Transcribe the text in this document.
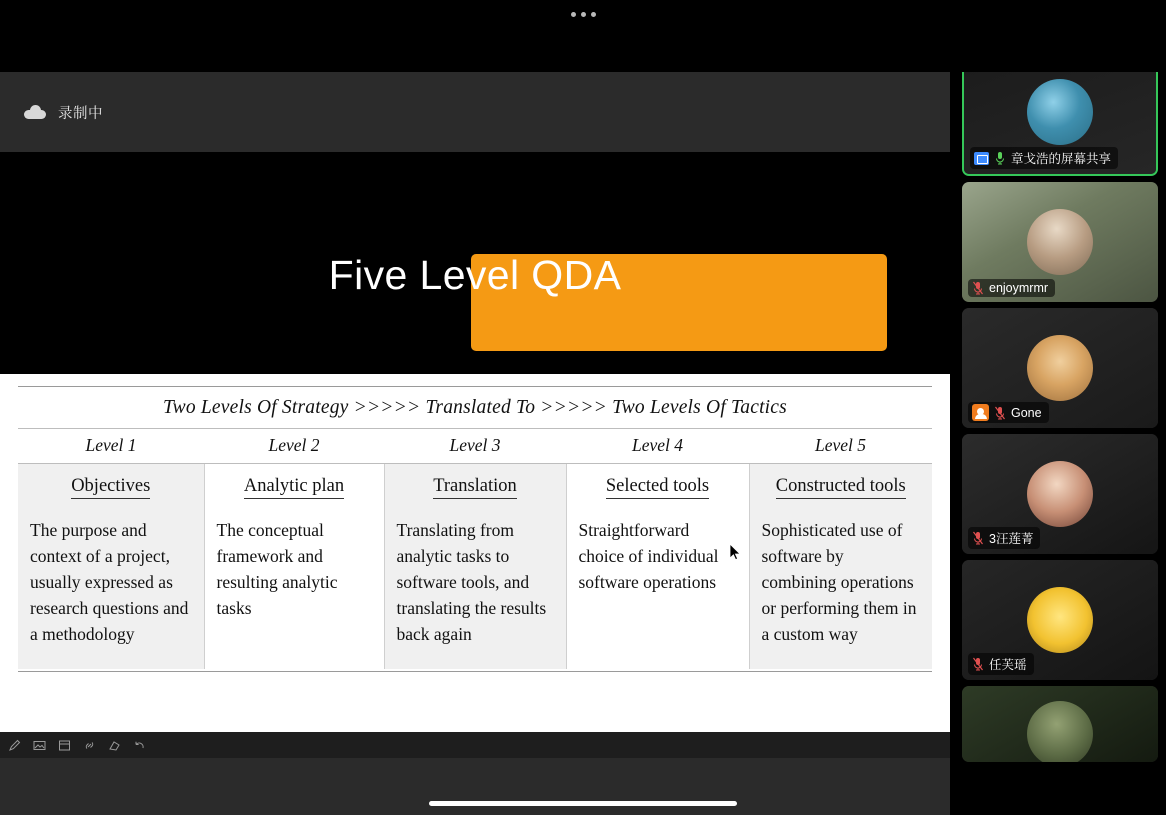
录制中
Five Level QDA
Two Levels Of Strategy >>>>> Translated To >>>>> Two Levels Of Tactics
Level 1	Level 2	Level 3	Level 4	Level 5
Objectives	Analytic plan	Translation	Selected tools	Constructed tools
The purpose and context of a project, usually expressed as research questions and a methodology	The conceptual framework and resulting analytic tasks	Translating from analytic tasks to software tools, and translating the results back again	Straightforward choice of individual software operations	Sophisticated use of software by combining operations or performing them in a custom way
章戈浩的屏幕共享
enjoymrmr
Gone
3汪莲菁
任芙瑶
